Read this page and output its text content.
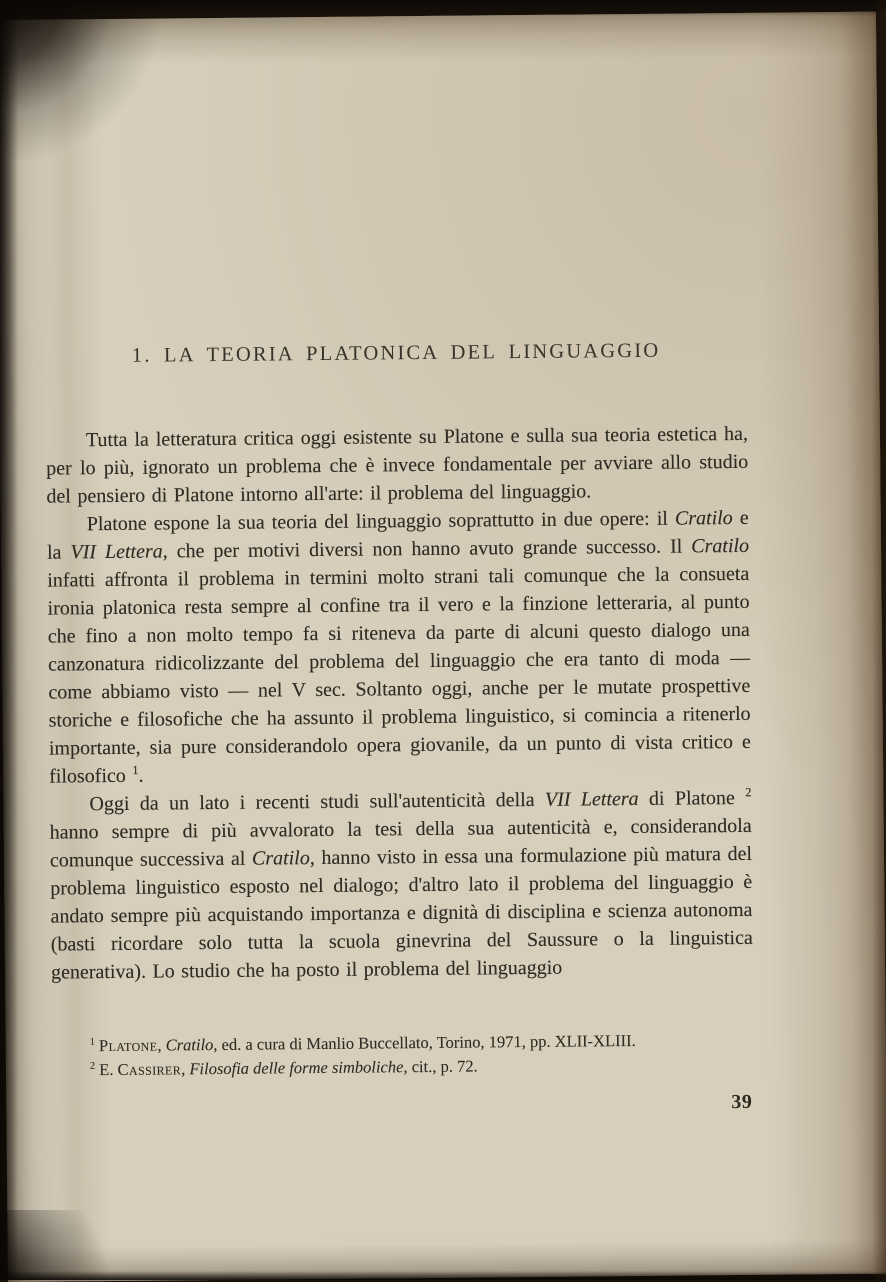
1. LA TEORIA PLATONICA DEL LINGUAGGIO

Tutta la letteratura critica oggi esistente su Platone e sulla sua teoria estetica ha, per lo più, ignorato un problema che è invece fondamentale per avviare allo studio del pensiero di Platone intorno all'arte: il problema del linguaggio.

Platone espone la sua teoria del linguaggio soprattutto in due opere: il Cratilo e la VII Lettera, che per motivi diversi non hanno avuto grande successo. Il Cratilo infatti affronta il problema in termini molto strani tali comunque che la consueta ironia platonica resta sempre al confine tra il vero e la finzione letteraria, al punto che fino a non molto tempo fa si riteneva da parte di alcuni questo dialogo una canzonatura ridicolizzante del problema del linguaggio che era tanto di moda — come abbiamo visto — nel V sec. Soltanto oggi, anche per le mutate prospettive storiche e filosofiche che ha assunto il problema linguistico, si comincia a ritenerlo importante, sia pure considerandolo opera giovanile, da un punto di vista critico e filosofico $^1$.

Oggi da un lato i recenti studi sull'autenticità della VII Lettera di Platone $^2$ hanno sempre di più avvalorato la tesi della sua autenticità e, considerandola comunque successiva al Cratilo, hanno visto in essa una formulazione più matura del problema linguistico esposto nel dialogo; d'altro lato il problema del linguaggio è andato sempre più acquistando importanza e dignità di disciplina e scienza autonoma (basti ricordare solo tutta la scuola ginevrina del Saussure o la linguistica generativa). Lo studio che ha posto il problema del linguaggio

$^1$ Platone, Cratilo, ed. a cura di Manlio Buccellato, Torino, 1971, pp. XLII-XLIII.

$^2$ E. Cassirer, Filosofia delle forme simboliche, cit., p. 72.

39
